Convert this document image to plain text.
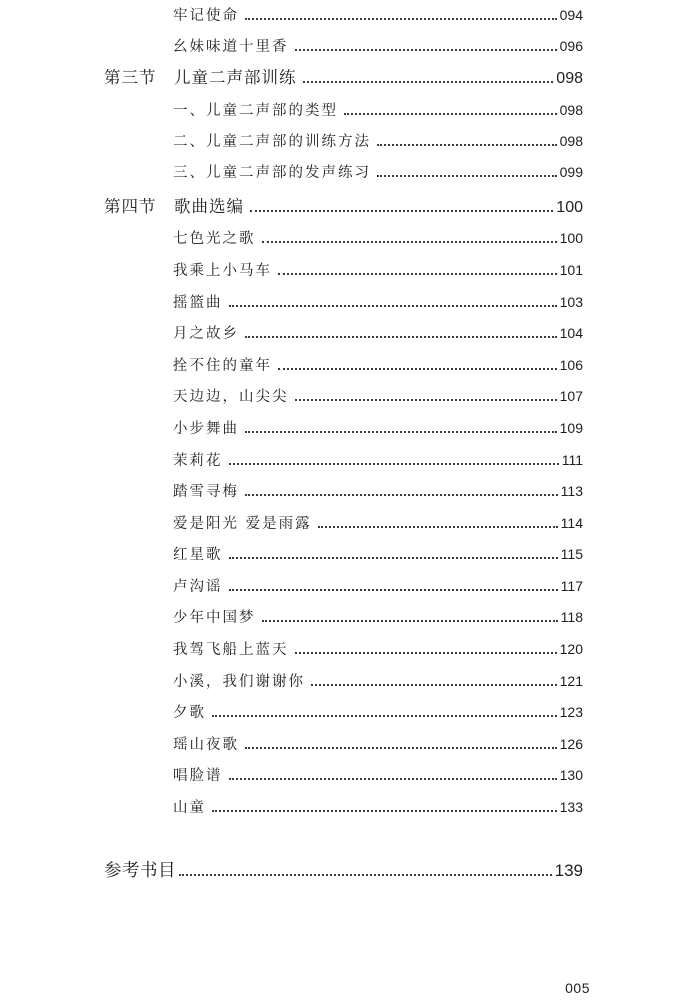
牢记使命	094
幺妹味道十里香	096
第三节	儿童二声部训练	098
一、儿童二声部的类型	098
二、儿童二声部的训练方法	098
三、儿童二声部的发声练习	099
第四节	歌曲选编	100
七色光之歌	100
我乘上小马车	101
摇篮曲	103
月之故乡	104
拴不住的童年	106
天边边，山尖尖	107
小步舞曲	109
茉莉花	111
踏雪寻梅	113
爱是阳光 爱是雨露	114
红星歌	115
卢沟谣	117
少年中国梦	118
我驾飞船上蓝天	120
小溪，我们谢谢你	121
夕歌	123
瑶山夜歌	126
唱脸谱	130
山童	133
参考书目	139
005
